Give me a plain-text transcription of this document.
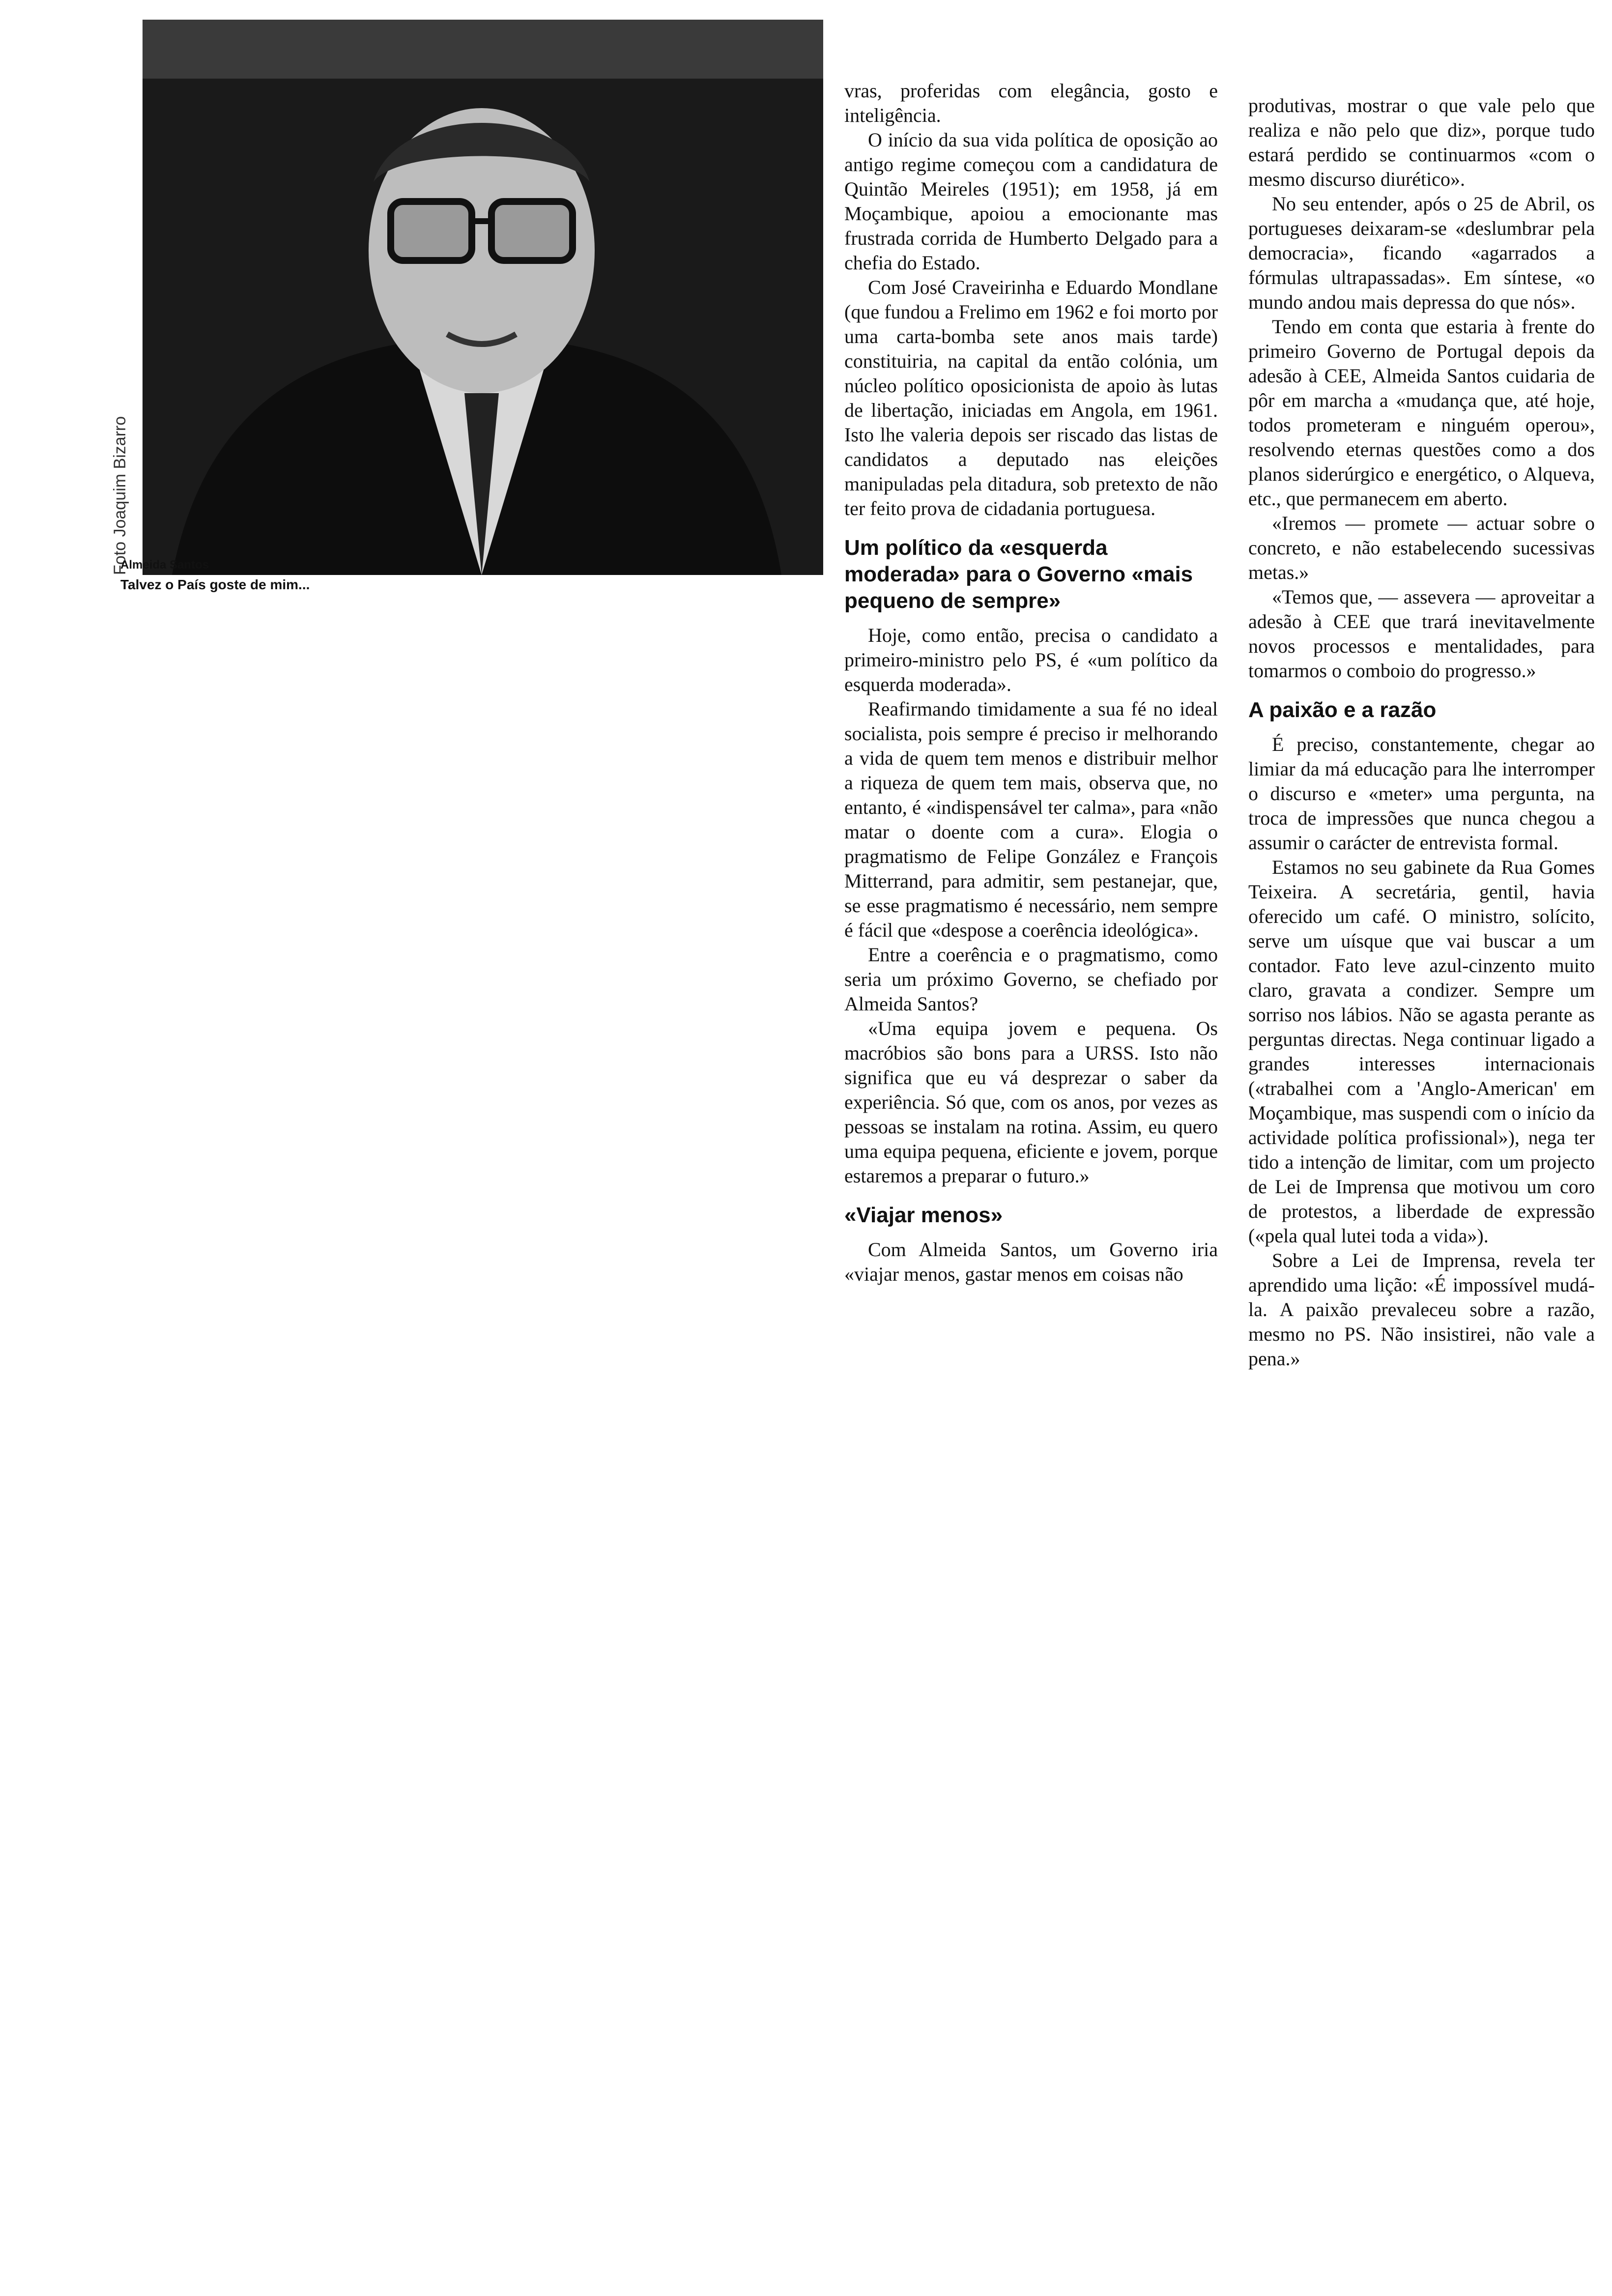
Foto Joaquim Bizarro
Almeida Santos
Talvez o País goste de mim...

vras, proferidas com elegância, gosto e inteligência.

O início da sua vida política de oposição ao antigo regime começou com a candidatura de Quintão Meireles (1951); em 1958, já em Moçambique, apoiou a emocionante mas frustrada corrida de Humberto Delgado para a chefia do Estado.

Com José Craveirinha e Eduardo Mondlane (que fundou a Frelimo em 1962 e foi morto por uma carta-bomba sete anos mais tarde) constituiria, na capital da então colónia, um núcleo político oposicionista de apoio às lutas de libertação, iniciadas em Angola, em 1961. Isto lhe valeria depois ser riscado das listas de candidatos a deputado nas eleições manipuladas pela ditadura, sob pretexto de não ter feito prova de cidadania portuguesa.

Um político da «esquerda moderada» para o Governo «mais pequeno de sempre»

Hoje, como então, precisa o candidato a primeiro-ministro pelo PS, é «um político da esquerda moderada».

Reafirmando timidamente a sua fé no ideal socialista, pois sempre é preciso ir melhorando a vida de quem tem menos e distribuir melhor a riqueza de quem tem mais, observa que, no entanto, é «indispensável ter calma», para «não matar o doente com a cura». Elogia o pragmatismo de Felipe González e François Mitterrand, para admitir, sem pestanejar, que, se esse pragmatismo é necessário, nem sempre é fácil que «despose a coerência ideológica».

Entre a coerência e o pragmatismo, como seria um próximo Governo, se chefiado por Almeida Santos?

«Uma equipa jovem e pequena. Os macróbios são bons para a URSS. Isto não significa que eu vá desprezar o saber da experiência. Só que, com os anos, por vezes as pessoas se instalam na rotina. Assim, eu quero uma equipa pequena, eficiente e jovem, porque estaremos a preparar o futuro.»

«Viajar menos»

Com Almeida Santos, um Governo iria «viajar menos, gastar menos em coisas não

produtivas, mostrar o que vale pelo que realiza e não pelo que diz», porque tudo estará perdido se continuarmos «com o mesmo discurso diurético».

No seu entender, após o 25 de Abril, os portugueses deixaram-se «deslumbrar pela democracia», ficando «agarrados a fórmulas ultrapassadas». Em síntese, «o mundo andou mais depressa do que nós».

Tendo em conta que estaria à frente do primeiro Governo de Portugal depois da adesão à CEE, Almeida Santos cuidaria de pôr em marcha a «mudança que, até hoje, todos prometeram e ninguém operou», resolvendo eternas questões como a dos planos siderúrgico e energético, o Alqueva, etc., que permanecem em aberto.

«Iremos — promete — actuar sobre o concreto, e não estabelecendo sucessivas metas.»

«Temos que, — assevera — aproveitar a adesão à CEE que trará inevitavelmente novos processos e mentalidades, para tomarmos o comboio do progresso.»

A paixão e a razão

É preciso, constantemente, chegar ao limiar da má educação para lhe interromper o discurso e «meter» uma pergunta, na troca de impressões que nunca chegou a assumir o carácter de entrevista formal.

Estamos no seu gabinete da Rua Gomes Teixeira. A secretária, gentil, havia oferecido um café. O ministro, solícito, serve um uísque que vai buscar a um contador. Fato leve azul-cinzento muito claro, gravata a condizer. Sempre um sorriso nos lábios. Não se agasta perante as perguntas directas. Nega continuar ligado a grandes interesses internacionais («trabalhei com a 'Anglo-American' em Moçambique, mas suspendi com o início da actividade política profissional»), nega ter tido a intenção de limitar, com um projecto de Lei de Imprensa que motivou um coro de protestos, a liberdade de expressão («pela qual lutei toda a vida»).

Sobre a Lei de Imprensa, revela ter aprendido uma lição: «É impossível mudá-la. A paixão prevaleceu sobre a razão, mesmo no PS. Não insistirei, não vale a pena.»
